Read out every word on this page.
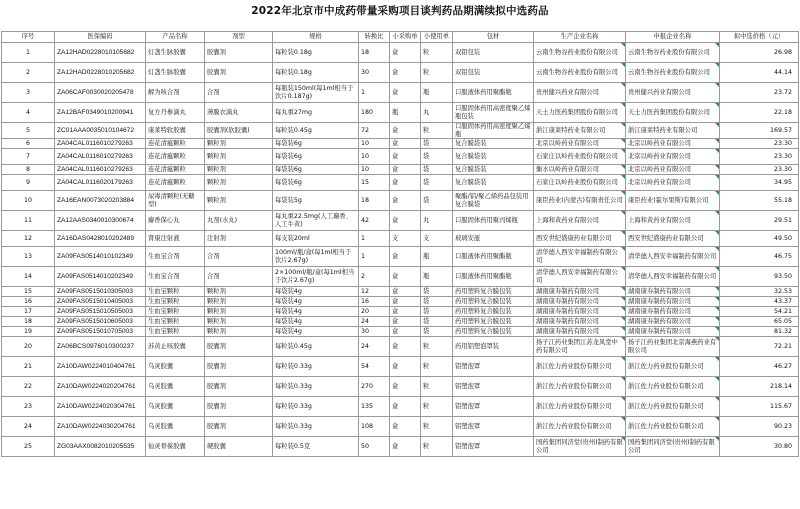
2022年北京市中成药带量采购项目谈判药品期满续拟中选药品
序号	医保编码	产品名称	剂型	规格	转换比	小采购单	小使用单	包材	生产企业名称	申报企业名称	拟中选价格（元）
1	ZA12HAD0228010105682	灯盏生脉胶囊	胶囊剂	每粒装0.18g	18	盒	粒	双铝包装	云南生物谷药业股份有限公司	云南生物谷药业股份有限公司	26.98
2	ZA12HAD0228010205682	灯盏生脉胶囊	胶囊剂	每粒装0.18g	30	盒	粒	双铝包装	云南生物谷药业股份有限公司	云南生物谷药业股份有限公司	44.14
3	ZA06CAF0030020205478	解为咳合剂	合剂	每瓶装150ml(每1ml相当于饮片0.187g)	1	盒	瓶	口服液体药用聚酯瓶	贵州健兴药业有限公司	贵州健兴药业有限公司	23.72
4	ZA12BAF0349010200941	复方丹参滴丸	薄膜衣滴丸	每丸重27mg	180	瓶	丸	口服固体药用高密度聚乙烯瓶包装	天士力医药集团股份有限公司	天士力医药集团股份有限公司	22.18
5	ZC01AAA0035010104672	康莱特软胶囊	胶囊剂(软胶囊)	每粒装0.45g	72	盒	粒	口服固体药用高密度聚乙烯瓶	浙江康莱特药业有限公司	浙江康莱特药业有限公司	169.57
6	ZA04CAL0116010279263	连花清瘟颗粒	颗粒剂	每袋装6g	10	盒	袋	复合膜袋装	北京以岭药业有限公司	北京以岭药业有限公司	23.30
7	ZA04CAL0116010279263	连花清瘟颗粒	颗粒剂	每袋装6g	10	盒	袋	复合膜袋装	石家庄以岭药业股份有限公司	北京以岭药业有限公司	23.30
8	ZA04CAL0116010279263	连花清瘟颗粒	颗粒剂	每袋装6g	10	盒	袋	复合膜袋装	衡水以岭药业有限公司	北京以岭药业有限公司	23.30
9	ZA04CAL0116020179263	连花清瘟颗粒	颗粒剂	每袋装6g	15	盒	袋	复合膜袋装	石家庄以岭药业股份有限公司	北京以岭药业有限公司	34.95
10	ZA16EAN0073020203884	尿毒清颗粒(无糖型)	颗粒剂	每袋装5g	18	盒	袋	聚酯/铝/聚乙烯药品包装用复合膜袋	康臣药业(内蒙古)有限责任公司	康臣药业(霍尔果斯)有限公司	55.18
11	ZA12AAS0340010300674	麝香保心丸	丸剂(水丸)	每丸重22.5mg(人工麝香、人工牛黄)	42	盒	丸	口服固体药用聚丙烯瓶	上海和黄药业有限公司	上海和黄药业有限公司	29.51
12	ZA16DAS0428010202489	肾康注射液	注射剂	每支装20ml	1	支	支	玻璃安瓿	西安世纪盛康药业有限公司	西安世纪盛康药业有限公司	49.50
13	ZA09FAS0514010102349	生血宝合剂	合剂	100ml/瓶/盒(每1ml相当于饮片2.67g)	1	盒	瓶	口服液体药用聚酯瓶	清华德人西安幸福制药有限公司	清华德人西安幸福制药有限公司	46.75
14	ZA09FAS0514010202349	生血宝合剂	合剂	2×100ml/瓶/盒(每1ml相当于饮片2.67g)	2	盒	瓶	口服液体药用聚酯瓶	清华德人西安幸福制药有限公司	清华德人西安幸福制药有限公司	93.50
15	ZA09FAS0515010305003	生血宝颗粒	颗粒剂	每袋装4g	12	盒	袋	药用塑料复合膜包装	湖南康寿制药有限公司	湖南康寿制药有限公司	32.53
16	ZA09FAS0515010405003	生血宝颗粒	颗粒剂	每袋装4g	16	盒	袋	药用塑料复合膜包装	湖南康寿制药有限公司	湖南康寿制药有限公司	43.37
17	ZA09FAS0515010505003	生血宝颗粒	颗粒剂	每袋装4g	20	盒	袋	药用塑料复合膜包装	湖南康寿制药有限公司	湖南康寿制药有限公司	54.21
18	ZA09FAS0515010605003	生血宝颗粒	颗粒剂	每袋装4g	24	盒	袋	药用塑料复合膜包装	湖南康寿制药有限公司	湖南康寿制药有限公司	65.05
19	ZA09FAS0515010705003	生血宝颗粒	颗粒剂	每袋装4g	30	盒	袋	药用塑料复合膜包装	湖南康寿制药有限公司	湖南康寿制药有限公司	81.32
20	ZA06BCS0976010300237	苏黄止咳胶囊	胶囊剂	每粒装0.45g	24	盒	粒	药用铝塑泡罩装	扬子江药业集团江苏龙凤堂中药有限公司	扬子江药业集团北京海燕药业有限公司	72.21
21	ZA10DAW0224010404761	乌灵胶囊	胶囊剂	每粒装0.33g	54	盒	粒	铝塑泡罩	浙江佐力药业股份有限公司	浙江佐力药业股份有限公司	46.27
22	ZA10DAW0224020204761	乌灵胶囊	胶囊剂	每粒装0.33g	270	盒	粒	铝塑泡罩	浙江佐力药业股份有限公司	浙江佐力药业股份有限公司	218.14
23	ZA10DAW0224020304761	乌灵胶囊	胶囊剂	每粒装0.33g	135	盒	粒	铝塑泡罩	浙江佐力药业股份有限公司	浙江佐力药业股份有限公司	115.67
24	ZA10DAW0224030204761	乌灵胶囊	胶囊剂	每粒装0.33g	108	盒	粒	铝塑泡罩	浙江佐力药业股份有限公司	浙江佐力药业股份有限公司	90.23
25	ZG03AAX0082010205535	仙灵骨葆胶囊	硬胶囊	每粒装0.5克	50	盒	粒	铝塑泡罩	国药集团同济堂(贵州)制药有限公司	国药集团同济堂(贵州)制药有限公司	30.80
